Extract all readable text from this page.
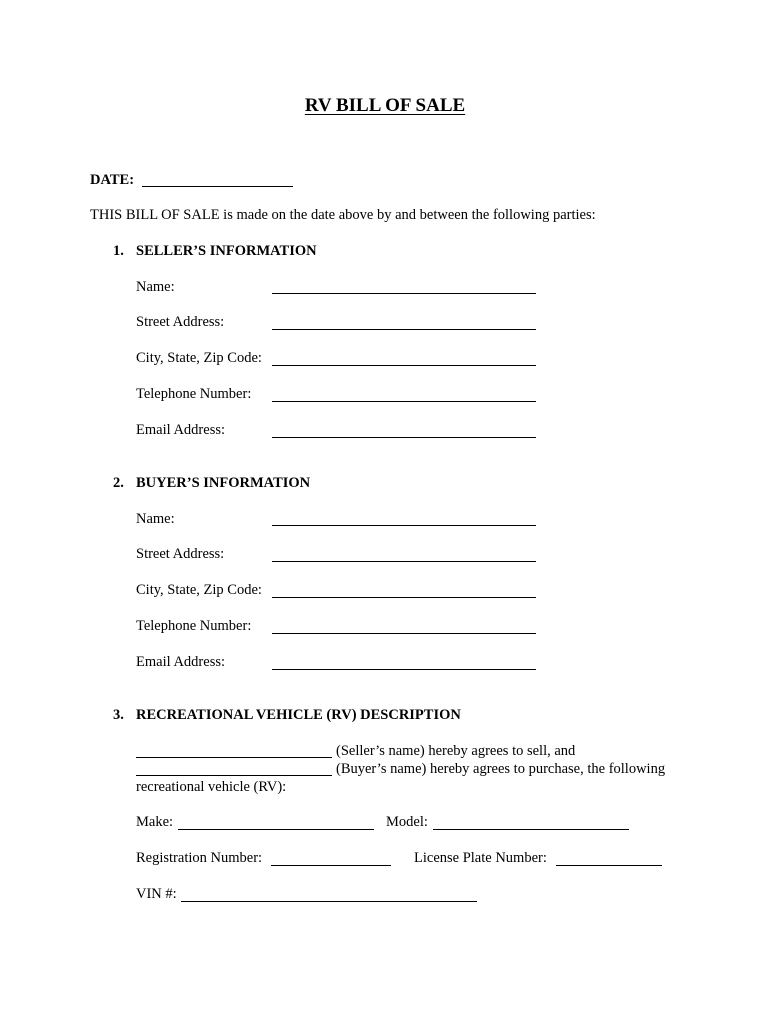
RV BILL OF SALE
DATE:
THIS BILL OF SALE is made on the date above by and between the following parties:
1. SELLER’S INFORMATION
Name:
Street Address:
City, State, Zip Code:
Telephone Number:
Email Address:
2. BUYER’S INFORMATION
Name:
Street Address:
City, State, Zip Code:
Telephone Number:
Email Address:
3. RECREATIONAL VEHICLE (RV) DESCRIPTION
(Seller’s name) hereby agrees to sell, and
(Buyer’s name) hereby agrees to purchase, the following
recreational vehicle (RV):
Make:	Model:
Registration Number:	License Plate Number:
VIN #:
